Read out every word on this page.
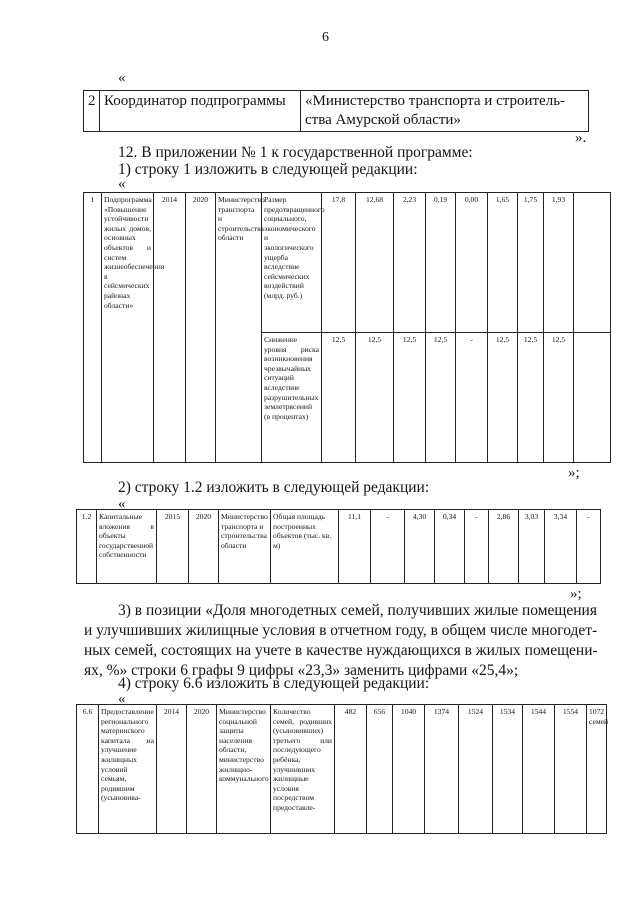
6
«
2	Координатор подпрограммы	«Министерство транспорта и строитель-
ства Амурской области»
».
12. В приложении № 1 к государственной программе:
1) строку 1 изложить в следующей редакции:
«
1	Подпрограмма «Повышение устойчивости жилых домов, основных объектов и систем жизнеобеспечения в сейсмических районах области»	2014	2020	Министерство транспорта и строительства области	Размер предотвращенного социального, экономического и экологического ущерба вследствие сейсмических воздействий (млрд. руб.)	17,8	12,68	2,23	0,19	0,00	1,65	1,75	1,93	
					Снижение уровня риска возникновения чрезвычайных ситуаций вследствие разрушительных землетрясений (в процентах)	12,5	12,5	12,5	12,5	-	12,5	12,5	12,5	
»;
2) строку 1.2 изложить в следующей редакции:
«
1.2	Капитальные вложения в объекты государственной собственности	2015	2020	Министерство транспорта и строительства области	Общая площадь построенных объектов (тыс. кв. м)	11,1	-	4,30	0,34	-	2,86	3,03	3,34	-
»;
3) в позиции «Доля многодетных семей, получивших жилые помещения
и улучшивших жилищные условия в отчетном году, в общем числе многодет-
ных семей, состоящих на учете в качестве нуждающихся в жилых помещени-
ях, %» строки 6 графы 9 цифры «23,3» заменить цифрами «25,4»;
4) строку 6.6 изложить в следующей редакции:
«
6.6	Предоставление регионального материнского капитала на улучшение жилищных условий семьям, родившим (усыновива-	2014	2020	Министерство социальной защиты населения области, министерство жилищно-коммунального	Количество семей, родивших (усыновивших) третьего или последующего ребёнка, улучшивших жилищные условия посредством предоставле-	482	656	1040	1374	1524	1534	1544	1554	1072 семей
